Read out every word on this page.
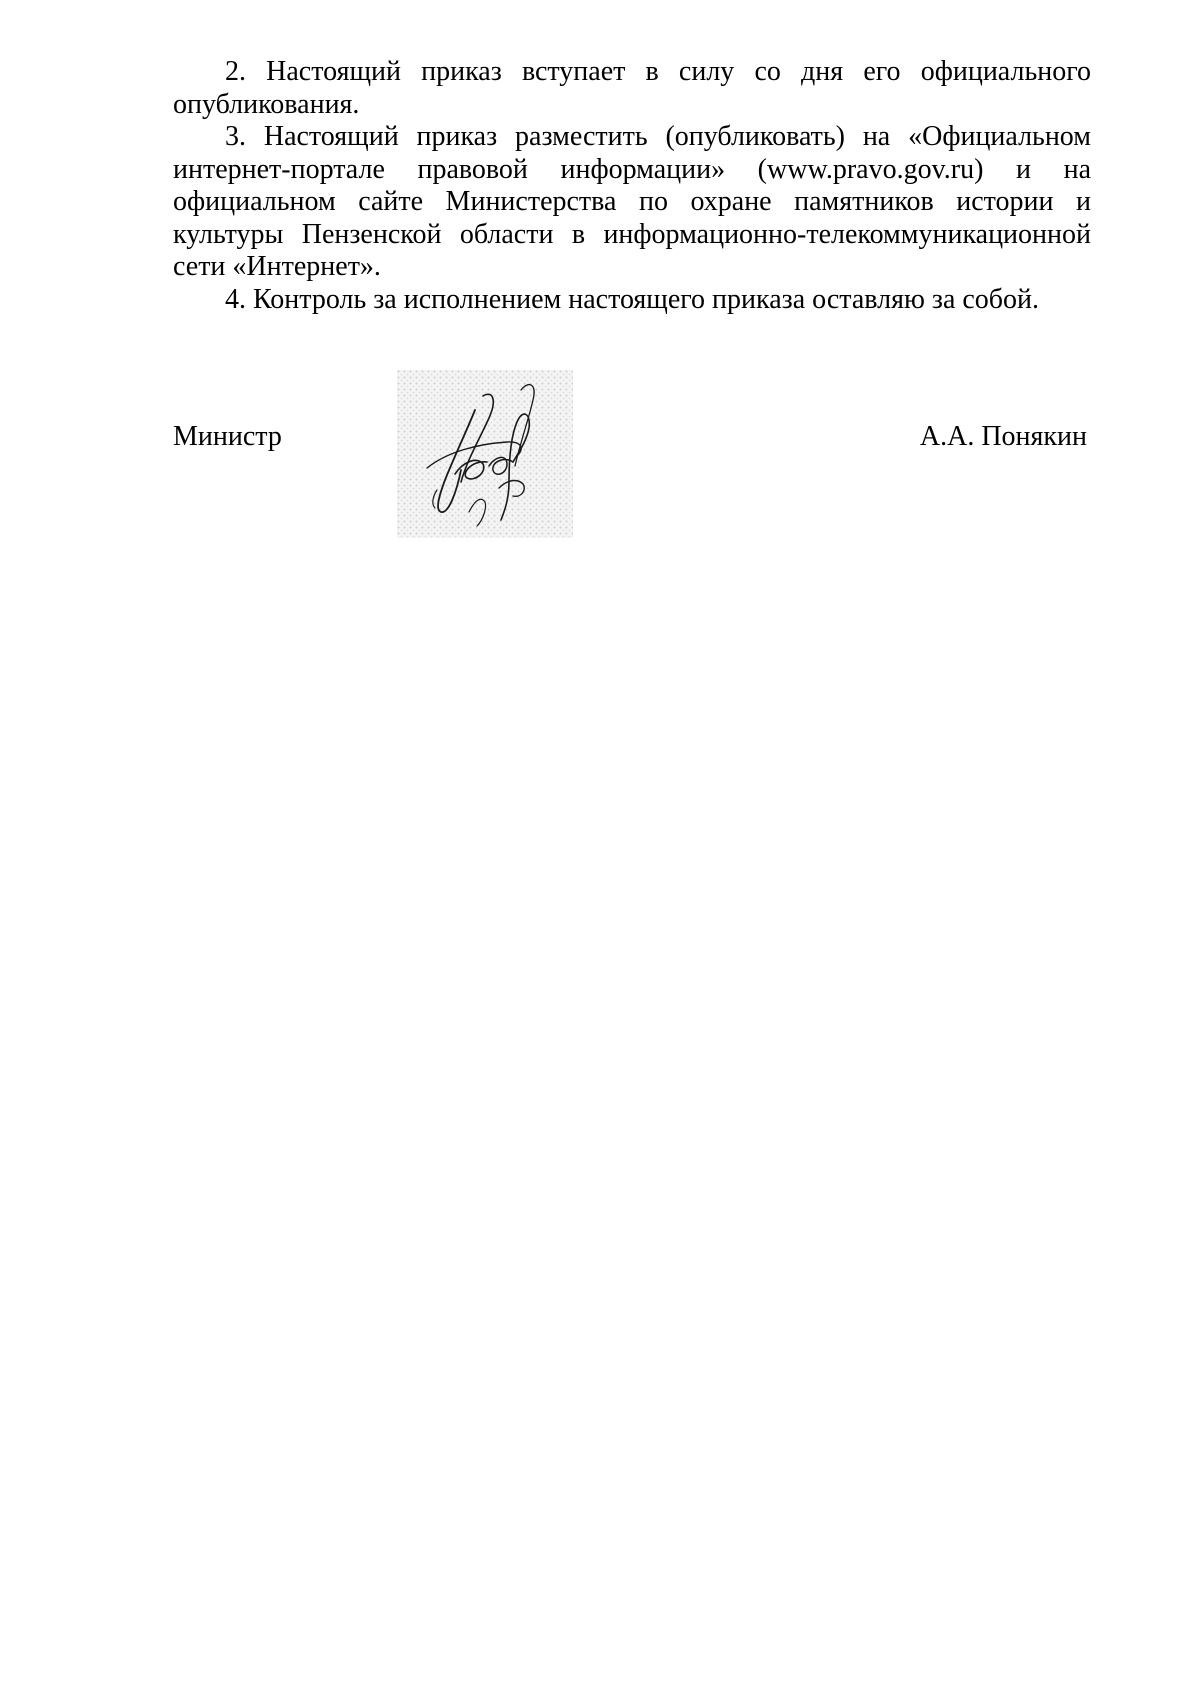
2. Настоящий приказ вступает в силу со дня его официального опубликования.

3. Настоящий приказ разместить (опубликовать) на «Официальном интернет-портале правовой информации» (www.pravo.gov.ru) и на официальном сайте Министерства по охране памятников истории и культуры Пензенской области в информационно-телекоммуникационной сети «Интернет».

4. Контроль за исполнением настоящего приказа оставляю за собой.

Министр	А.А. Понякин
